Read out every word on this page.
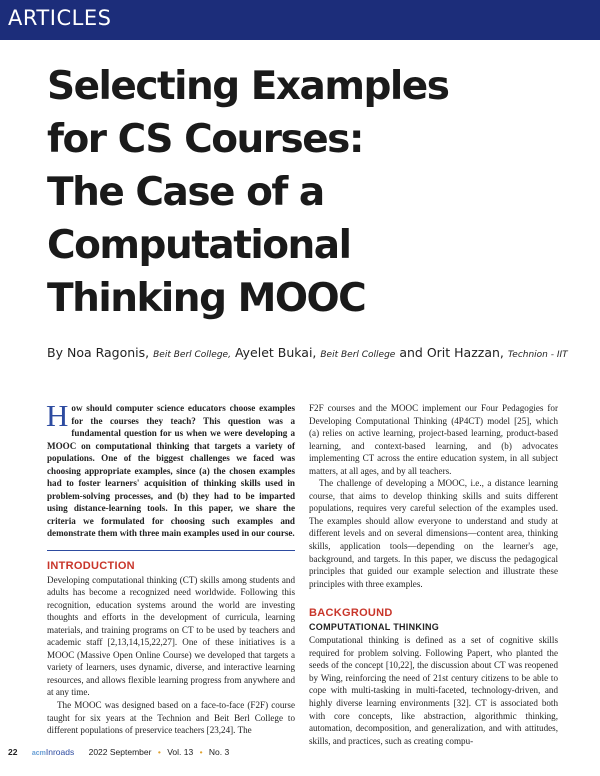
ARTICLES
Selecting Examples
for CS Courses:
The Case of a
Computational
Thinking MOOC
By Noa Ragonis, Beit Berl College, Ayelet Bukai, Beit Berl College and Orit Hazzan, Technion - IIT

How should computer science educators choose examples for the courses they teach? This question was a fundamental question for us when we were developing a MOOC on computational thinking that targets a variety of populations. One of the biggest challenges we faced was choosing appropriate examples, since (a) the chosen examples had to foster learners' acquisition of thinking skills used in problem-solving processes, and (b) they had to be imparted using distance-learning tools. In this paper, we share the criteria we formulated for choosing such examples and demonstrate them with three main examples used in our course.

INTRODUCTION

Developing computational thinking (CT) skills among students and adults has become a recognized need worldwide. Following this recognition, education systems around the world are investing thoughts and efforts in the development of curricula, learning materials, and training programs on CT to be used by teachers and academic staff [2,13,14,15,22,27]. One of these initiatives is a MOOC (Massive Open Online Course) we developed that targets a variety of learners, uses dynamic, diverse, and interactive learning resources, and allows flexible learning progress from anywhere and at any time.

The MOOC was designed based on a face-to-face (F2F) course taught for six years at the Technion and Beit Berl College to different populations of preservice teachers [23,24]. The

F2F courses and the MOOC implement our Four Pedagogies for Developing Computational Thinking (4P4CT) model [25], which (a) relies on active learning, project-based learning, product-based learning, and context-based learning, and (b) advocates implementing CT across the entire education system, in all subject matters, at all ages, and by all teachers.

The challenge of developing a MOOC, i.e., a distance learning course, that aims to develop thinking skills and suits different populations, requires very careful selection of the examples used. The examples should allow everyone to understand and study at different levels and on several dimensions—content area, thinking skills, application tools—depending on the learner's age, background, and targets. In this paper, we discuss the pedagogical principles that guided our example selection and illustrate these principles with three examples.

BACKGROUND
COMPUTATIONAL THINKING

Computational thinking is defined as a set of cognitive skills required for problem solving. Following Papert, who planted the seeds of the concept [10,22], the discussion about CT was reopened by Wing, reinforcing the need of 21st century citizens to be able to cope with multi-tasking in multi-faceted, technology-driven, and highly diverse learning environments [32]. CT is associated both with core concepts, like abstraction, algorithmic thinking, automation, decomposition, and generalization, and with attitudes, skills, and practices, such as creating compu-

22 acmInroads 2022 September • Vol. 13 • No. 3
